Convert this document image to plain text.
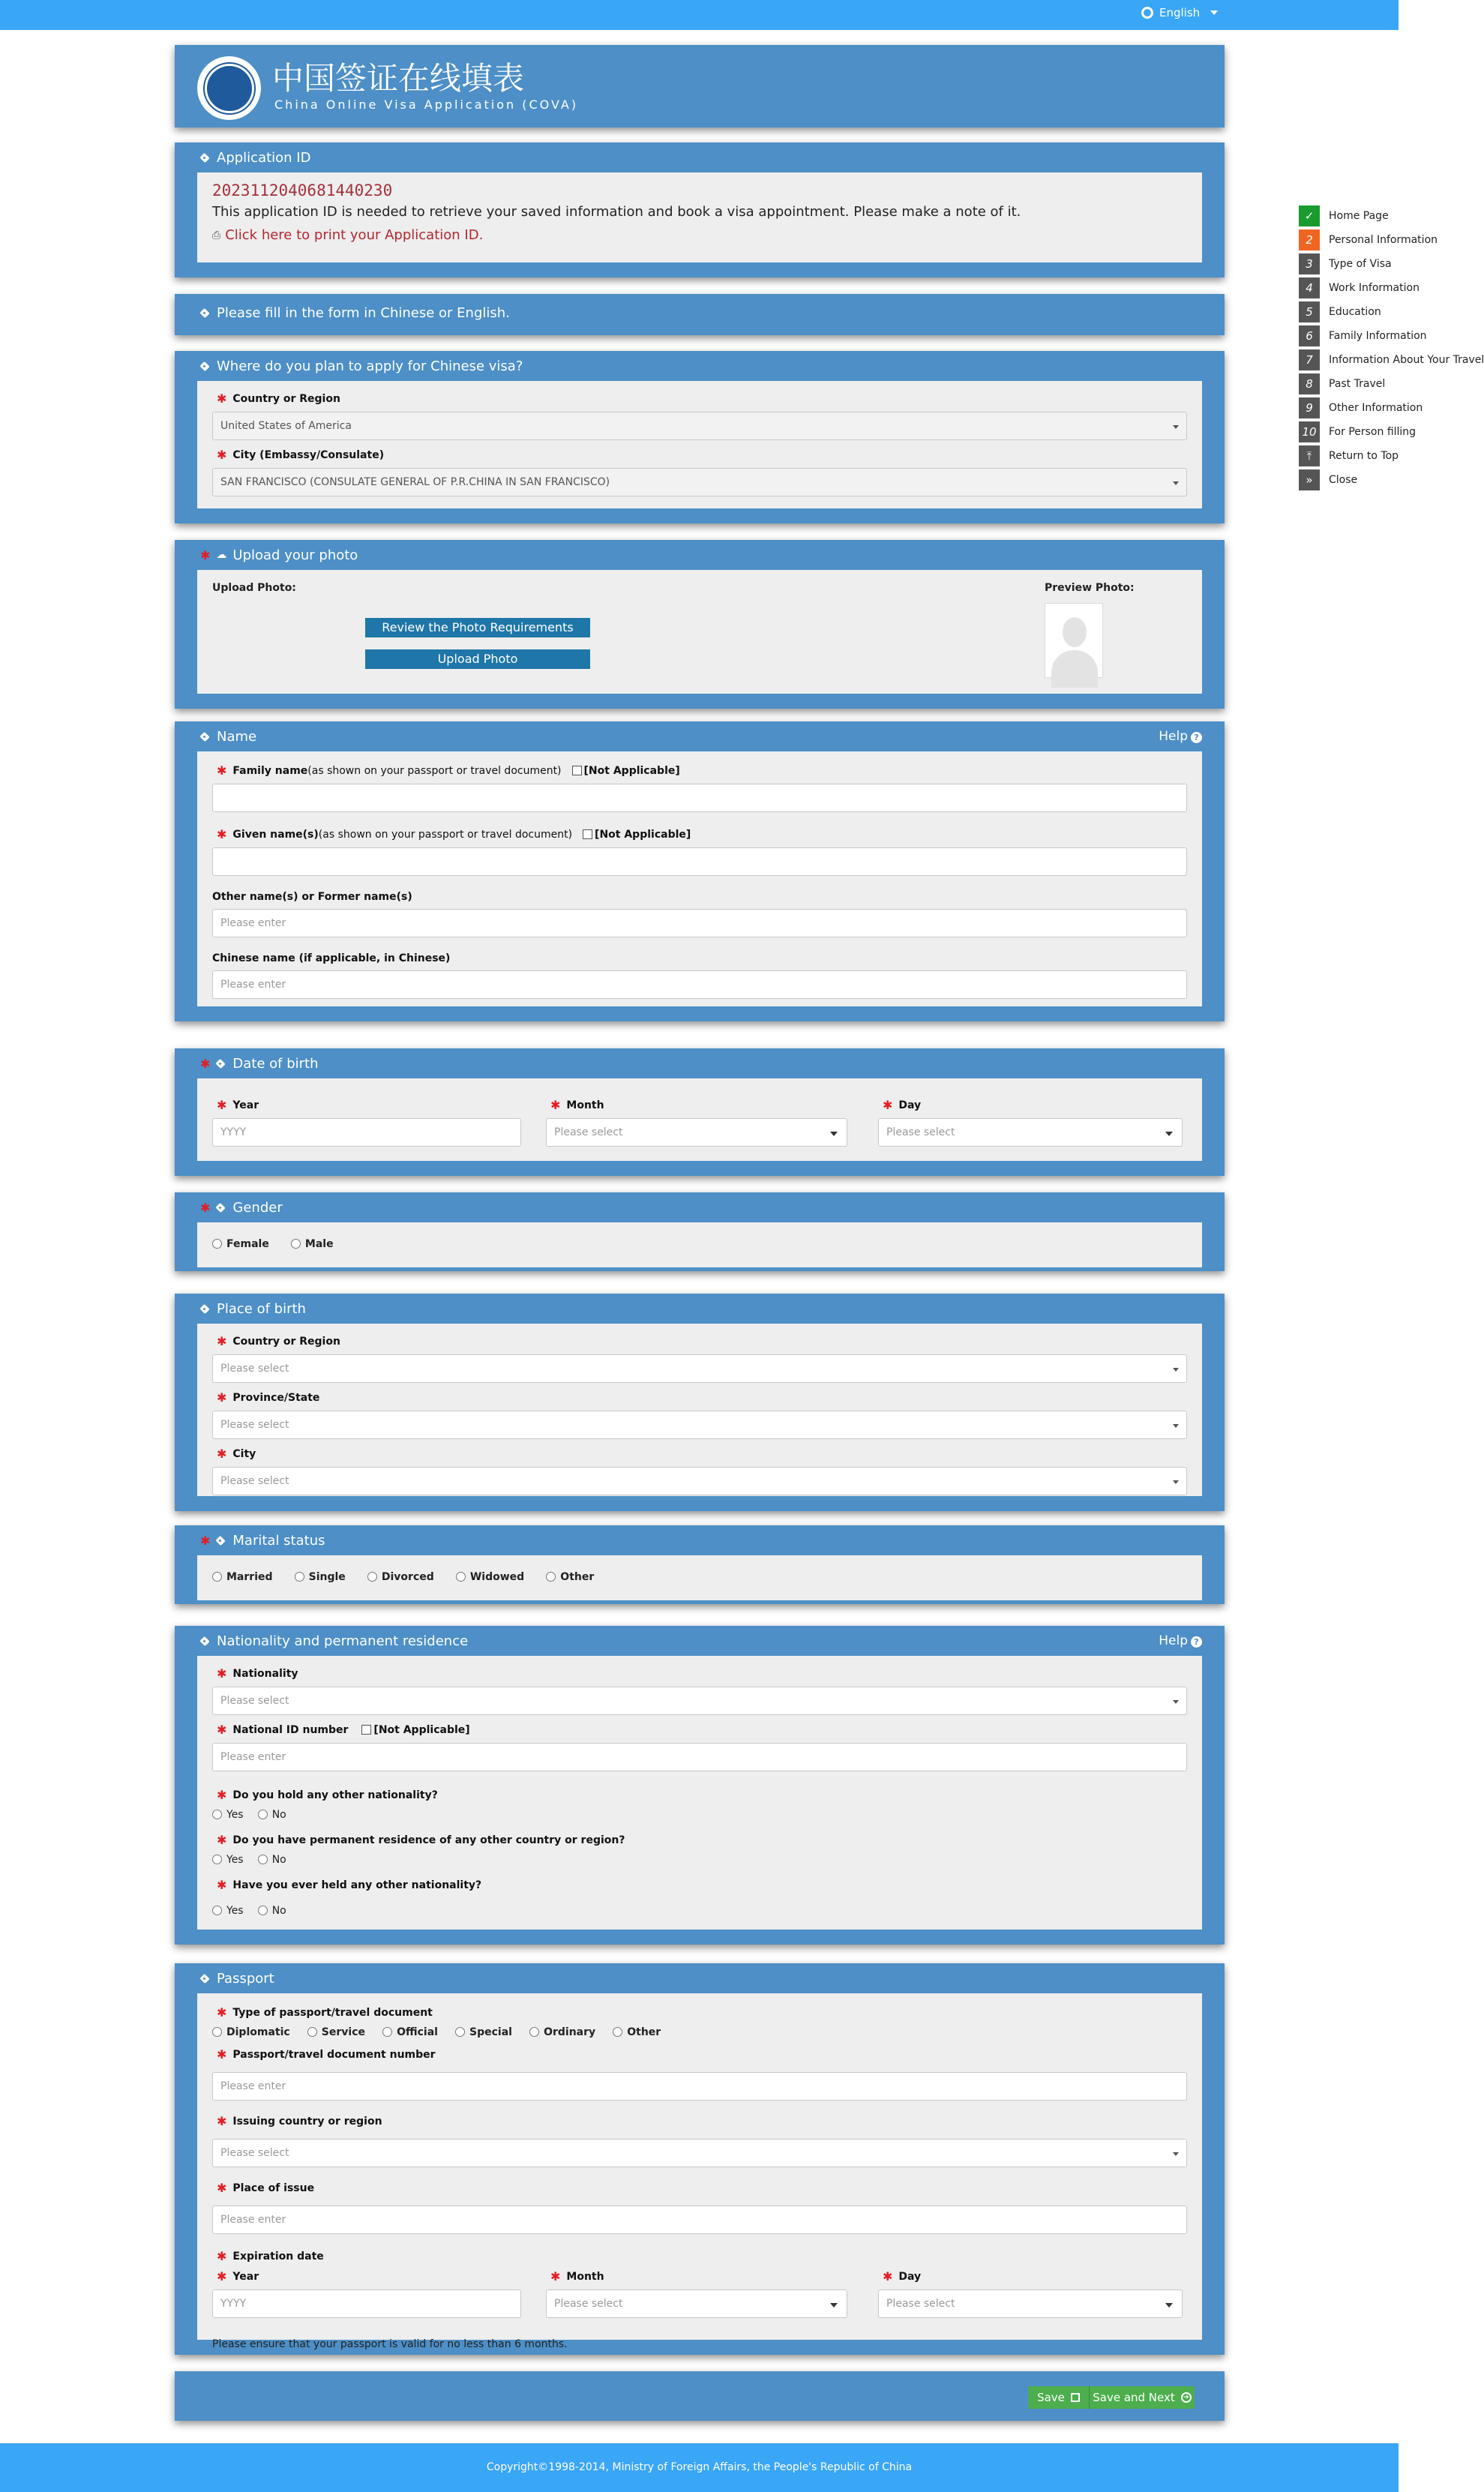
English
中国签证在线填表
China Online Visa Application (COVA)
Application ID
2023112040681440230
This application ID is needed to retrieve your saved information and book a visa appointment. Please make a note of it.
⎙ Click here to print your Application ID.
Please fill in the form in Chinese or English.
Where do you plan to apply for Chinese visa?
✱ Country or Region
United States of America
✱ City (Embassy/Consulate)
SAN FRANCISCO (CONSULATE GENERAL OF P.R.CHINA IN SAN FRANCISCO)
✱ ☁ Upload your photo
Upload Photo:
Review the Photo Requirements
Upload Photo
Preview Photo:
Name	Help ?
✱ Family name (as shown on your passport or travel document) [Not Applicable]
✱ Given name(s) (as shown on your passport or travel document) [Not Applicable]
Other name(s) or Former name(s)
Please enter
Chinese name (if applicable, in Chinese)
Please enter
✱ Date of birth
✱ Year
YYYY
✱ Month
Please select
✱ Day
Please select
✱ Gender
Female
	Male
Place of birth
✱ Country or Region
Please select
✱ Province/State
Please select
✱ City
Please select
✱ Marital status
Married
	Single
	Divorced
	Widowed
	Other
Nationality and permanent residence	Help ?
✱ Nationality
Please select
✱ National ID number [Not Applicable]
Please enter
✱ Do you hold any other nationality?
Yes
	No
✱ Do you have permanent residence of any other country or region?
Yes
	No
✱ Have you ever held any other nationality?
Yes
	No
Passport
✱ Type of passport/travel document
Diplomatic
	Service
	Official
	Special
	Ordinary
	Other
✱ Passport/travel document number
Please enter
✱ Issuing country or region
Please select
✱ Place of issue
Please enter
✱ Expiration date
✱ Year
YYYY
✱ Month
Please select
✱ Day
Please select
Please ensure that your passport is valid for no less than 6 months.
Save Save and Next	➜
✓	Home Page
2	Personal Information
3	Type of Visa
4	Work Information
5	Education
6	Family Information
7	Information About Your Travel
8	Past Travel
9	Other Information
10	For Person filling
⤒	Return to Top
»	Close
Copyright©1998-2014, Ministry of Foreign Affairs, the People's Republic of China
